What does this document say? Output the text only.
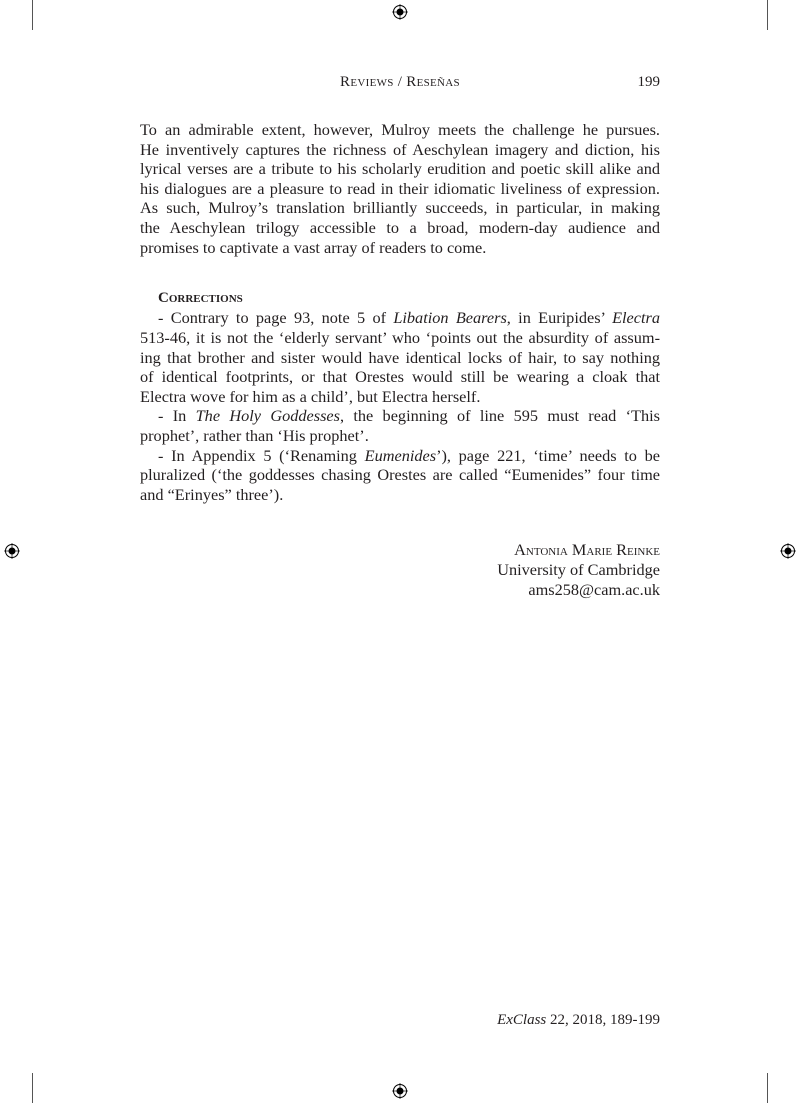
Reviews / Reseñas	199
To an admirable extent, however, Mulroy meets the challenge he pursues.
He inventively captures the richness of Aeschylean imagery and diction, his
lyrical verses are a tribute to his scholarly erudition and poetic skill alike and
his dialogues are a pleasure to read in their idiomatic liveliness of expression.
As such, Mulroy’s translation brilliantly succeeds, in particular, in making
the Aeschylean trilogy accessible to a broad, modern-day audience and
promises to captivate a vast array of readers to come.
Corrections
- Contrary to page 93, note 5 of Libation Bearers, in Euripides’ Electra
513-46, it is not the ‘elderly servant’ who ‘points out the absurdity of assum-
ing that brother and sister would have identical locks of hair, to say nothing
of identical footprints, or that Orestes would still be wearing a cloak that
Electra wove for him as a child’, but Electra herself.
- In The Holy Goddesses, the beginning of line 595 must read ‘This
prophet’, rather than ‘His prophet’.
- In Appendix 5 (‘Renaming Eumenides’), page 221, ‘time’ needs to be
pluralized (‘the goddesses chasing Orestes are called “Eumenides” four time
and “Erinyes” three’).
Antonia Marie Reinke
University of Cambridge
ams258@cam.ac.uk
ExClass 22, 2018, 189-199
